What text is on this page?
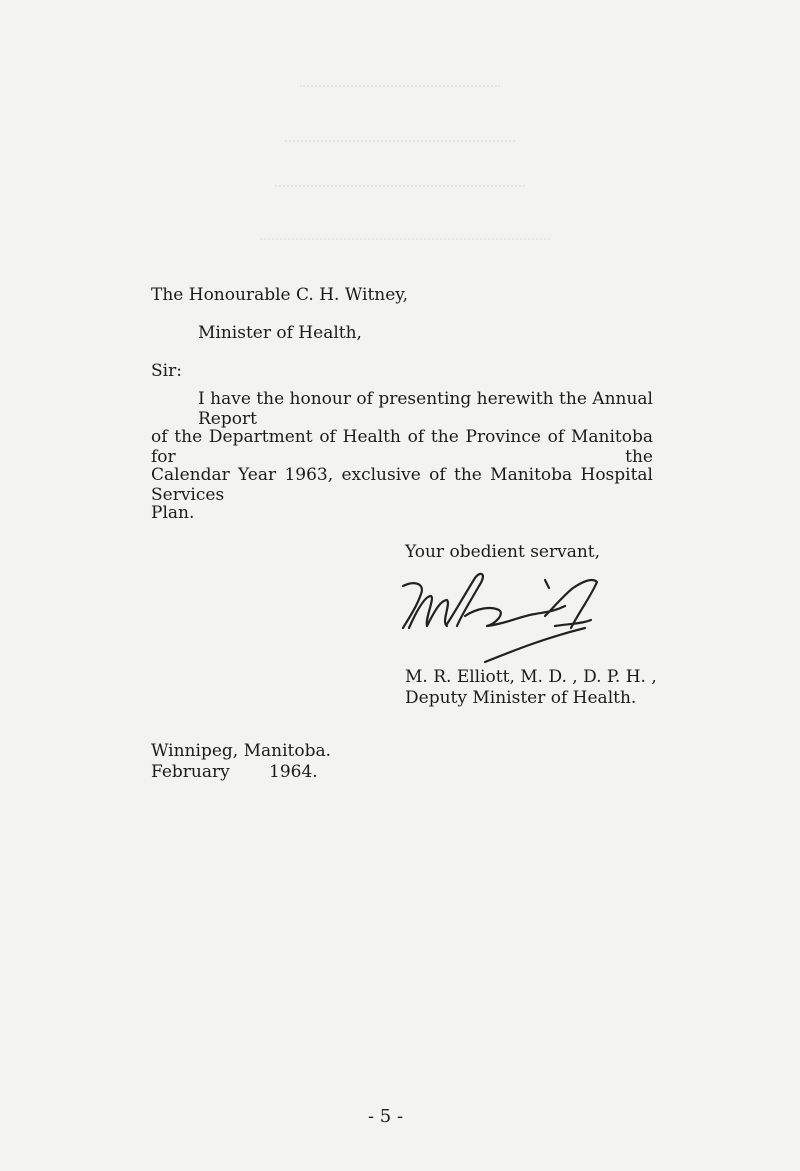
The Honourable C. H. Witney,
Minister of Health,
Sir:
I have the honour of presenting herewith the Annual Report
of the Department of Health of the Province of Manitoba for the
Calendar Year 1963, exclusive of the Manitoba Hospital Services
Plan.
Your obedient servant,
M. R. Elliott, M. D. , D. P. H. ,
Deputy Minister of Health.
Winnipeg, Manitoba.
February 1964.
- 5 -
